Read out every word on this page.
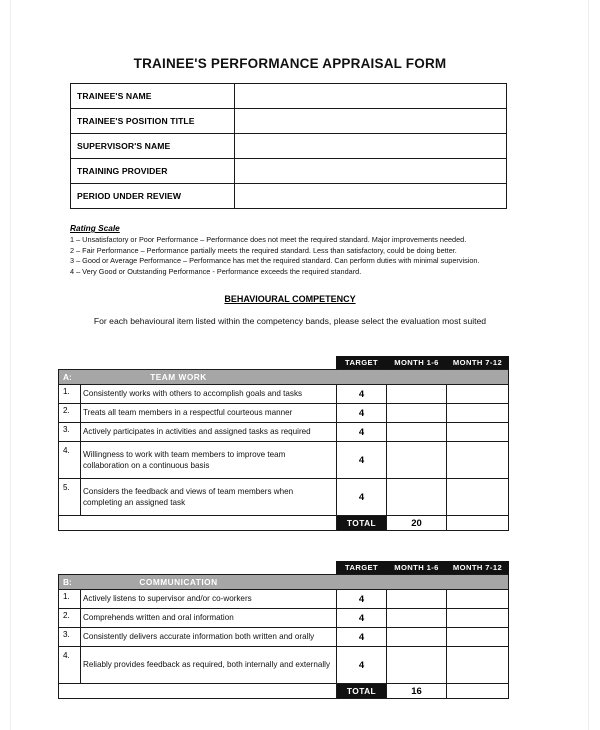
TRAINEE'S PERFORMANCE APPRAISAL FORM
TRAINEE'S NAME	
TRAINEE'S POSITION TITLE	
SUPERVISOR'S NAME	
TRAINING PROVIDER	
PERIOD UNDER REVIEW	
Rating Scale
1 – Unsatisfactory or Poor Performance – Performance does not meet the required standard. Major improvements needed.
2 – Fair Performance – Performance partially meets the required standard. Less than satisfactory, could be doing better.
3 – Good or Average Performance – Performance has met the required standard. Can perform duties with minimal supervision.
4 – Very Good or Outstanding Performance - Performance exceeds the required standard.
BEHAVIOURAL COMPETENCY
For each behavioural item listed within the competency bands, please select the evaluation most suited
		TARGET	MONTH 1-6	MONTH 7-12	
A:	TEAM WORK				
1.	Consistently works with others to accomplish goals and tasks	4			
2.	Treats all team members in a respectful courteous manner	4			
3.	Actively participates in activities and assigned tasks as required	4			
4.	Willingness to work with team members to improve team collaboration on a continuous basis	4			
5.	Considers the feedback and views of team members when completing an assigned task	4			
		TOTAL	20		
		TARGET	MONTH 1-6	MONTH 7-12	
B:	COMMUNICATION				
1.	Actively listens to supervisor and/or co-workers	4			
2.	Comprehends written and oral information	4			
3.	Consistently delivers accurate information both written and orally	4			
4.	Reliably provides feedback as required, both internally and externally	4			
		TOTAL	16		
